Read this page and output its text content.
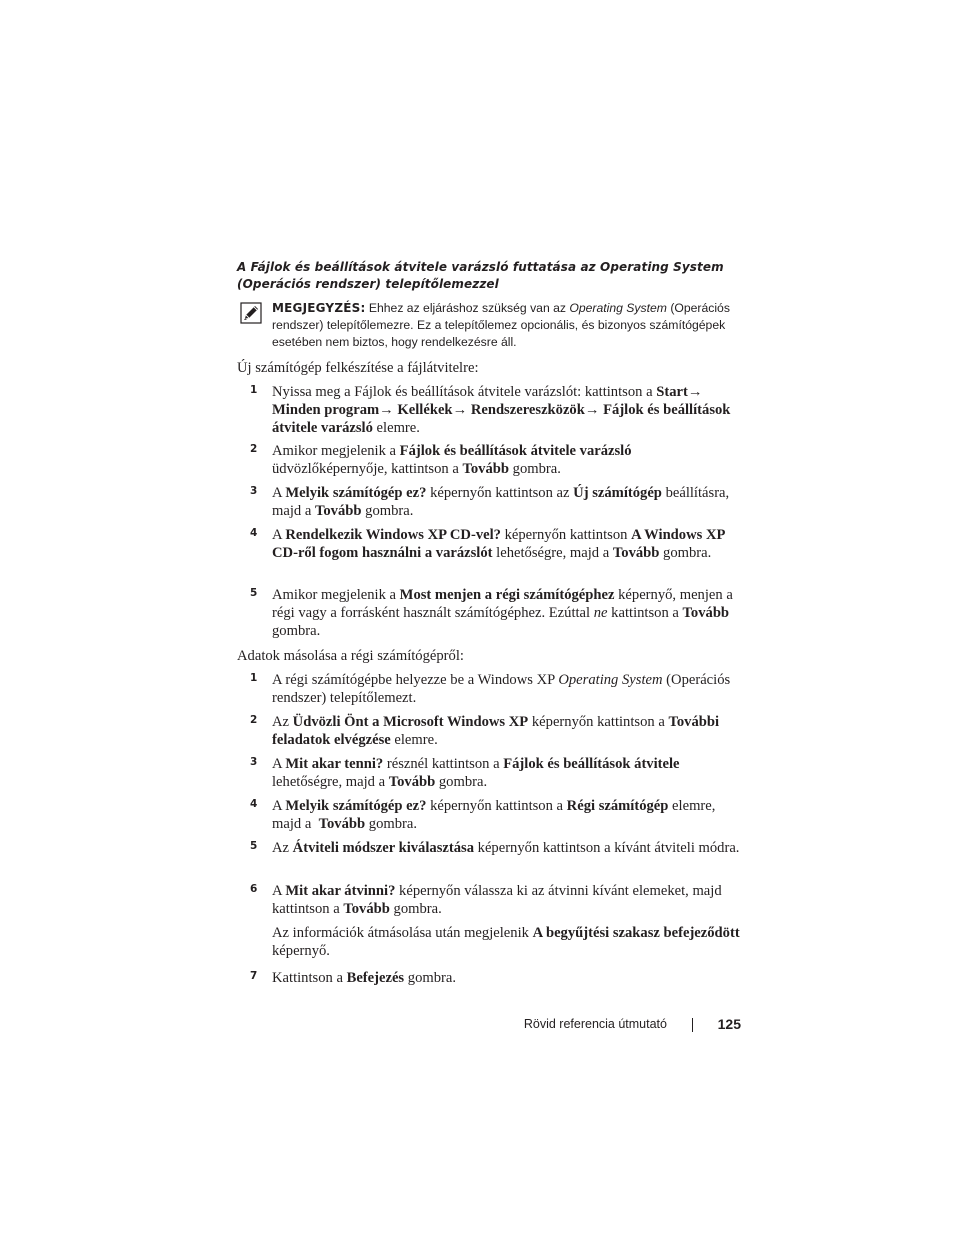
A Fájlok és beállítások átvitele varázsló futtatása az Operating System
(Operációs rendszer) telepítőlemezzel
MEGJEGYZÉS: Ehhez az eljáráshoz szükség van az Operating System (Operációs rendszer) telepítőlemezre. Ez a telepítőlemez opcionális, és bizonyos számítógépek esetében nem biztos, hogy rendelkezésre áll.

Új számítógép felkészítése a fájlátvitelre:

1 Nyissa meg a Fájlok és beállítások átvitele varázslót: kattintson a Start→ Minden program→ Kellékek→ Rendszereszközök→ Fájlok és beállítások átvitele varázsló elemre.
2 Amikor megjelenik a Fájlok és beállítások átvitele varázsló üdvözlőképernyője, kattintson a Tovább gombra.
3 A Melyik számítógép ez? képernyőn kattintson az Új számítógép beállításra, majd a Tovább gombra.
4 A Rendelkezik Windows XP CD-vel? képernyőn kattintson A Windows XP CD-ről fogom használni a varázslót lehetőségre, majd a Tovább gombra.
5 Amikor megjelenik a Most menjen a régi számítógéphez képernyő, menjen a régi vagy a forrásként használt számítógéphez. Ezúttal ne kattintson a Tovább gombra.

Adatok másolása a régi számítógépről:

1 A régi számítógépbe helyezze be a Windows XP Operating System (Operációs rendszer) telepítőlemezt.
2 Az Üdvözli Önt a Microsoft Windows XP képernyőn kattintson a További feladatok elvégzése elemre.
3 A Mit akar tenni? résznél kattintson a Fájlok és beállítások átvitele lehetőségre, majd a Tovább gombra.
4 A Melyik számítógép ez? képernyőn kattintson a Régi számítógép elemre, majd a  Tovább gombra.
5 Az Átviteli módszer kiválasztása képernyőn kattintson a kívánt átviteli módra.
6 A Mit akar átvinni? képernyőn válassza ki az átvinni kívánt elemeket, majd kattintson a Tovább gombra.
Az információk átmásolása után megjelenik A begyűjtési szakasz befejeződött képernyő.
7 Kattintson a Befejezés gombra.
Rövid referencia útmutató	125
